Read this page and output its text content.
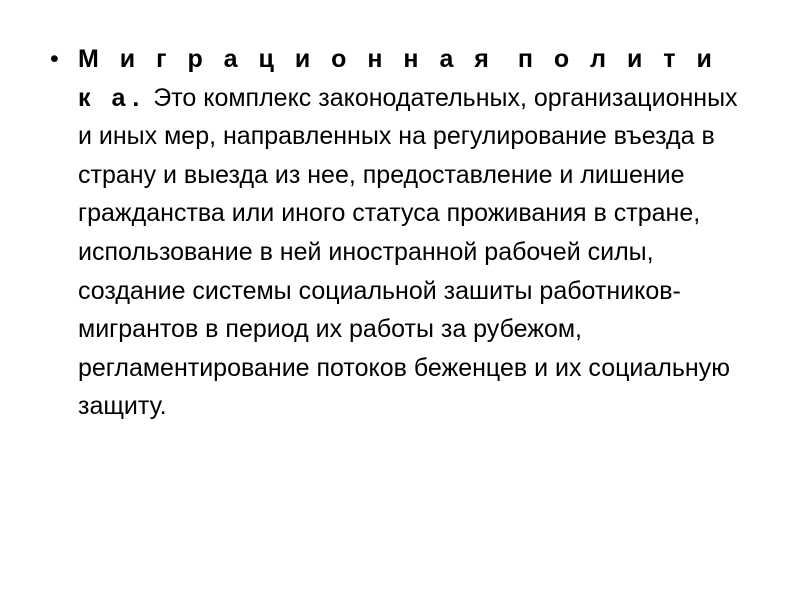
• М и г р а ц и о н н а я п о л и т и к а. Это комплекс законодательных, организационных и иных мер, направленных на регулирование въезда в страну и выезда из нее, предоставление и лишение гражданства или иного статуса проживания в стране, использование в ней иностранной рабочей силы, создание системы социальной зашиты работников-мигрантов в период их работы за рубежом, регламентирование потоков беженцев и их социальную защиту.
